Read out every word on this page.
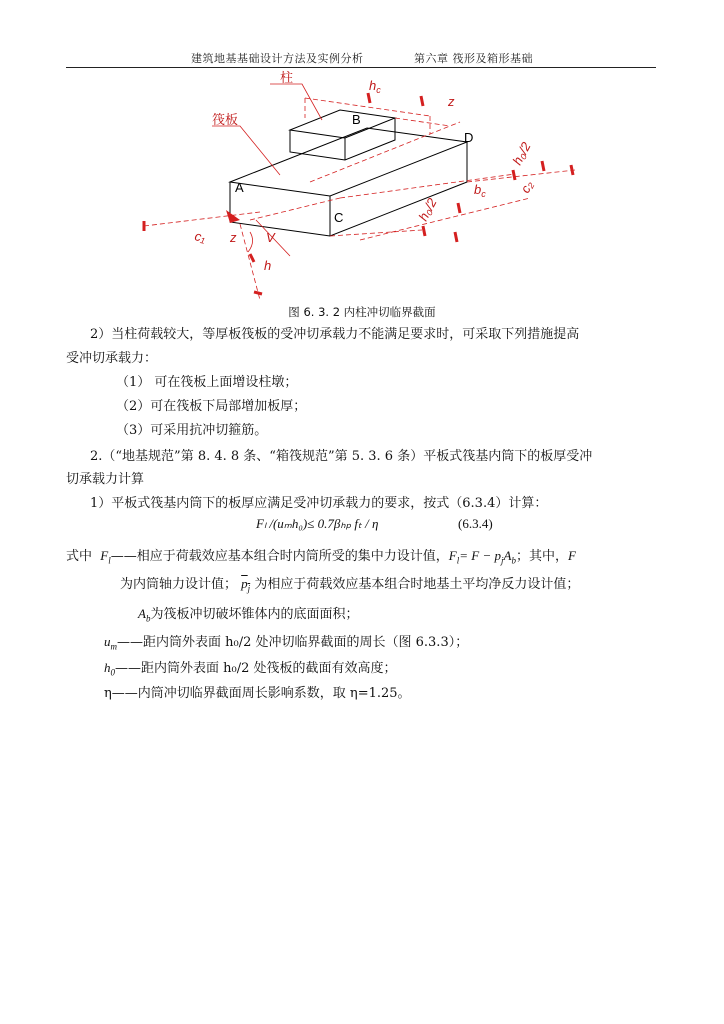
建筑地基基础设计方法及实例分析	第六章 筏形及箱形基础
柱
筏板
$h_c$
z
h₀/2
$b_c$
h₀/2
c₂
c₁ z V
h
A
B
C
D
图 6. 3. 2 内柱冲切临界截面
2）当柱荷载较大，等厚板筏板的受冲切承载力不能满足要求时，可采取下列措施提高
受冲切承载力：
（1） 可在筏板上面增设柱墩；
（2）可在筏板下局部增加板厚；
（3）可采用抗冲切箍筋。
2.（“地基规范”第 8. 4. 8 条、“箱筏规范”第 5. 3. 6 条）平板式筏基内筒下的板厚受冲
切承载力计算
1）平板式筏基内筒下的板厚应满足受冲切承载力的要求，按式（6.3.4）计算：
Fₗ /(uₘh₀)≤ 0.7βₕₚ fₜ / η	(6.3.4)
式中 $F_l——$相应于荷载效应基本组合时内筒所受的集中力设计值，$F_l= F - p_jA_b$；其中，F
为内筒轴力设计值； $p_j$ 为相应于荷载效应基本组合时地基土平均净反力设计值；
$A_b$为筏板冲切破坏锥体内的底面面积；
$u_m——$距内筒外表面 h₀/2 处冲切临界截面的周长（图 6.3.3）；
$h_0——$距内筒外表面 h₀/2 处筏板的截面有效高度；
η——内筒冲切临界截面周长影响系数，取 η=1.25。
